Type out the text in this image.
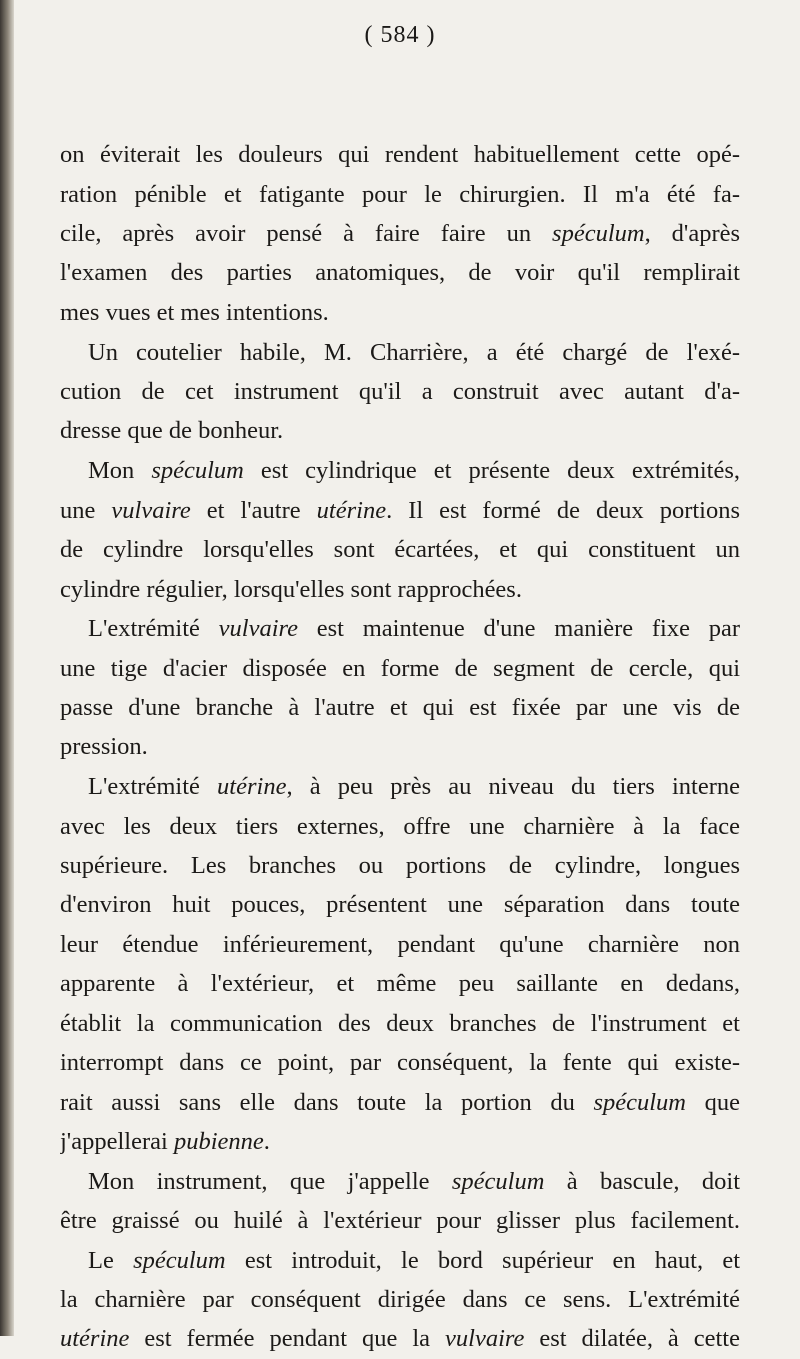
( 584 )
on éviterait les douleurs qui rendent habituellement cette opé-
ration pénible et fatigante pour le chirurgien. Il m'a été fa-
cile, après avoir pensé à faire faire un spéculum, d'après
l'examen des parties anatomiques, de voir qu'il remplirait
mes vues et mes intentions.
Un coutelier habile, M. Charrière, a été chargé de l'exé-
cution de cet instrument qu'il a construit avec autant d'a-
dresse que de bonheur.
Mon spéculum est cylindrique et présente deux extrémités,
une vulvaire et l'autre utérine. Il est formé de deux portions
de cylindre lorsqu'elles sont écartées, et qui constituent un
cylindre régulier, lorsqu'elles sont rapprochées.
L'extrémité vulvaire est maintenue d'une manière fixe par
une tige d'acier disposée en forme de segment de cercle, qui
passe d'une branche à l'autre et qui est fixée par une vis de
pression.
L'extrémité utérine, à peu près au niveau du tiers interne
avec les deux tiers externes, offre une charnière à la face
supérieure. Les branches ou portions de cylindre, longues
d'environ huit pouces, présentent une séparation dans toute
leur étendue inférieurement, pendant qu'une charnière non
apparente à l'extérieur, et même peu saillante en dedans,
établit la communication des deux branches de l'instrument et
interrompt dans ce point, par conséquent, la fente qui existe-
rait aussi sans elle dans toute la portion du spéculum que
j'appellerai pubienne.
Mon instrument, que j'appelle spéculum à bascule, doit
être graissé ou huilé à l'extérieur pour glisser plus facilement.
Le spéculum est introduit, le bord supérieur en haut, et
la charnière par conséquent dirigée dans ce sens. L'extrémité
utérine est fermée pendant que la vulvaire est dilatée, à cette
